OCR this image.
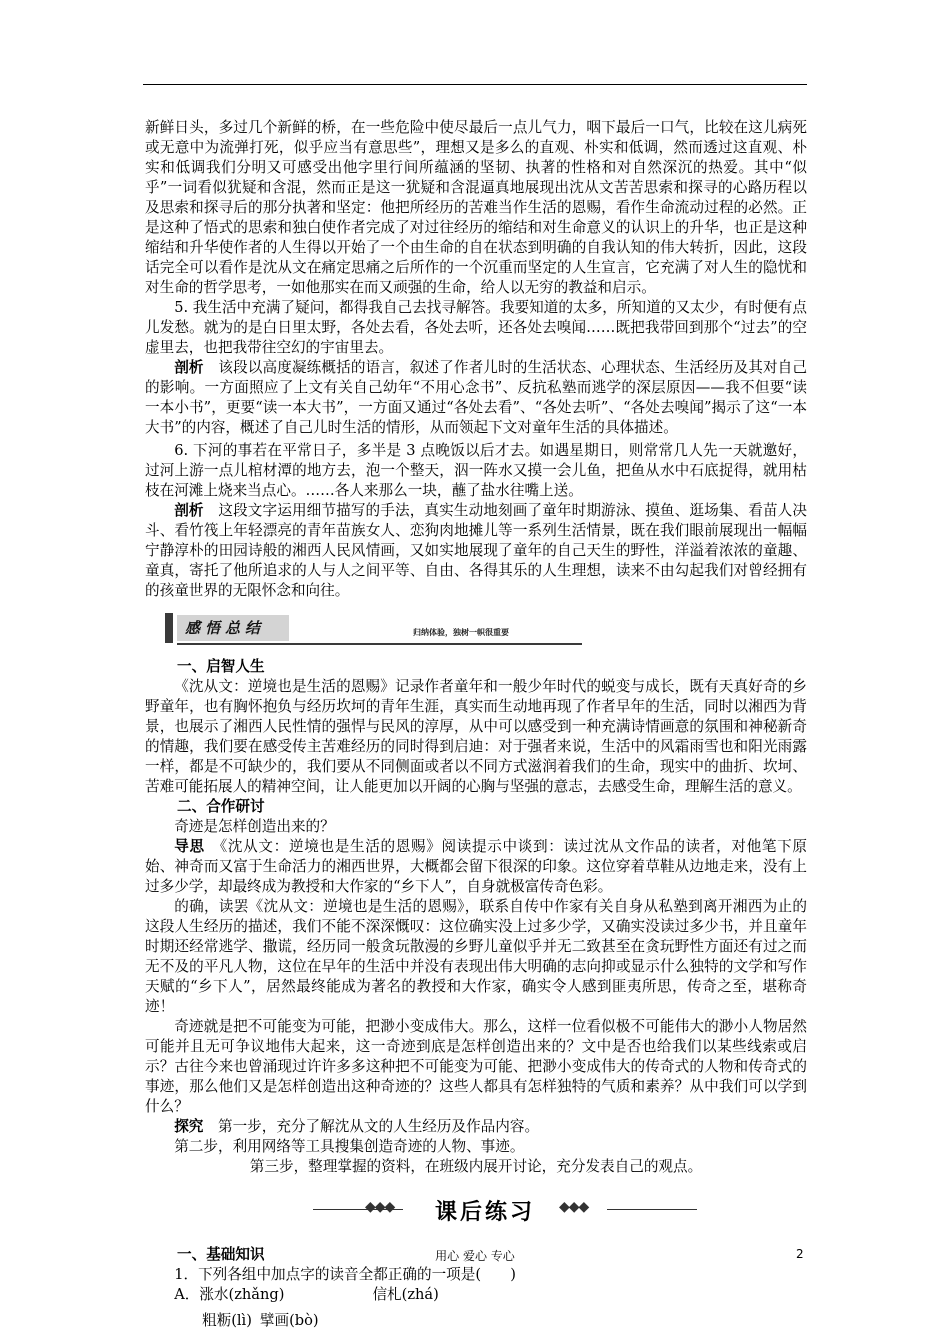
新鲜日头，多过几个新鲜的桥，在一些危险中使尽最后一点儿气力，咽下最后一口气，比较在这儿病死或无意中为流弹打死，似乎应当有意思些”，理想又是多么的直观、朴实和低调，然而透过这直观、朴实和低调我们分明又可感受出他字里行间所蕴涵的坚韧、执著的性格和对自然深沉的热爱。其中“似乎”一词看似犹疑和含混，然而正是这一犹疑和含混逼真地展现出沈从文苦苦思索和探寻的心路历程以及思索和探寻后的那分执著和坚定：他把所经历的苦难当作生活的恩赐，看作生命流动过程的必然。正是这种了悟式的思索和独白使作者完成了对过往经历的缩结和对生命意义的认识上的升华，也正是这种缩结和升华使作者的人生得以开始了一个由生命的自在状态到明确的自我认知的伟大转折，因此，这段话完全可以看作是沈从文在痛定思痛之后所作的一个沉重而坚定的人生宣言，它充满了对人生的隐忧和对生命的哲学思考，一如他那实在而又顽强的生命，给人以无穷的教益和启示。

5. 我生活中充满了疑问，都得我自己去找寻解答。我要知道的太多，所知道的又太少，有时便有点儿发愁。就为的是白日里太野，各处去看，各处去听，还各处去嗅闻……既把我带回到那个“过去”的空虚里去，也把我带往空幻的宇宙里去。

剖析　该段以高度凝练概括的语言，叙述了作者儿时的生活状态、心理状态、生活经历及其对自己的影响。一方面照应了上文有关自己幼年“不用心念书”、反抗私塾而逃学的深层原因——我不但要“读一本小书”，更要“读一本大书”，一方面又通过“各处去看”、“各处去听”、“各处去嗅闻”揭示了这“一本大书”的内容，概述了自己儿时生活的情形，从而领起下文对童年生活的具体描述。

6. 下河的事若在平常日子，多半是 3 点晚饭以后才去。如遇星期日，则常常几人先一天就邀好，过河上游一点儿棺材潭的地方去，泡一个整天，泅一阵水又摸一会儿鱼，把鱼从水中石底捉得，就用枯枝在河滩上烧来当点心。……各人来那么一块，蘸了盐水往嘴上送。

剖析　这段文字运用细节描写的手法，真实生动地刻画了童年时期游泳、摸鱼、逛场集、看苗人决斗、看竹筏上年轻漂亮的青年苗族女人、恋狗肉地摊儿等一系列生活情景，既在我们眼前展现出一幅幅宁静淳朴的田园诗般的湘西人民风情画，又如实地展现了童年的自己天生的野性，洋溢着浓浓的童趣、童真，寄托了他所追求的人与人之间平等、自由、各得其乐的人生理想，读来不由勾起我们对曾经拥有的孩童世界的无限怀念和向往。

感悟总结	归纳体验，独树一帜很重要
一、启智人生

《沈从文：逆境也是生活的恩赐》记录作者童年和一般少年时代的蜕变与成长，既有天真好奇的乡野童年，也有胸怀抱负与经历坎坷的青年生涯，真实而生动地再现了作者早年的生活，同时以湘西为背景，也展示了湘西人民性情的强悍与民风的淳厚，从中可以感受到一种充满诗情画意的氛围和神秘新奇的情趣，我们要在感受传主苦难经历的同时得到启迪：对于强者来说，生活中的风霜雨雪也和阳光雨露一样，都是不可缺少的，我们要从不同侧面或者以不同方式滋润着我们的生命，现实中的曲折、坎坷、苦难可能拓展人的精神空间，让人能更加以开阔的心胸与坚强的意志，去感受生命，理解生活的意义。

二、合作研讨

奇迹是怎样创造出来的？

导思　《沈从文：逆境也是生活的恩赐》阅读提示中谈到：读过沈从文作品的读者，对他笔下原始、神奇而又富于生命活力的湘西世界，大概都会留下很深的印象。这位穿着草鞋从边地走来，没有上过多少学，却最终成为教授和大作家的“乡下人”，自身就极富传奇色彩。

的确，读罢《沈从文：逆境也是生活的恩赐》，联系自传中作家有关自身从私塾到离开湘西为止的这段人生经历的描述，我们不能不深深慨叹：这位确实没上过多少学，又确实没读过多少书，并且童年时期还经常逃学、撒谎，经历同一般贪玩散漫的乡野儿童似乎并无二致甚至在贪玩野性方面还有过之而无不及的平凡人物，这位在早年的生活中并没有表现出伟大明确的志向抑或显示什么独特的文学和写作天赋的“乡下人”，居然最终能成为著名的教授和大作家，确实令人感到匪夷所思，传奇之至，堪称奇迹！

奇迹就是把不可能变为可能，把渺小变成伟大。那么，这样一位看似极不可能伟大的渺小人物居然可能并且无可争议地伟大起来，这一奇迹到底是怎样创造出来的？文中是否也给我们以某些线索或启示？古往今来也曾涌现过许许多多这种把不可能变为可能、把渺小变成伟大的传奇式的人物和传奇式的事迹，那么他们又是怎样创造出这种奇迹的？这些人都具有怎样独特的气质和素养？从中我们可以学到什么？

探究　第一步，充分了解沈从文的人生经历及作品内容。

第二步，利用网络等工具搜集创造奇迹的人物、事迹。

第三步，整理掌握的资料，在班级内展开讨论，充分发表自己的观点。

◆◆◆ 课后练习 ◆◆◆
一、基础知识

1．下列各组中加点字的读音全都正确的一项是(　　)

A．涨水(zhǎng)	信札(zhá)

粗粝(lì) 擘画(bò)

用心 爱心 专心	2
